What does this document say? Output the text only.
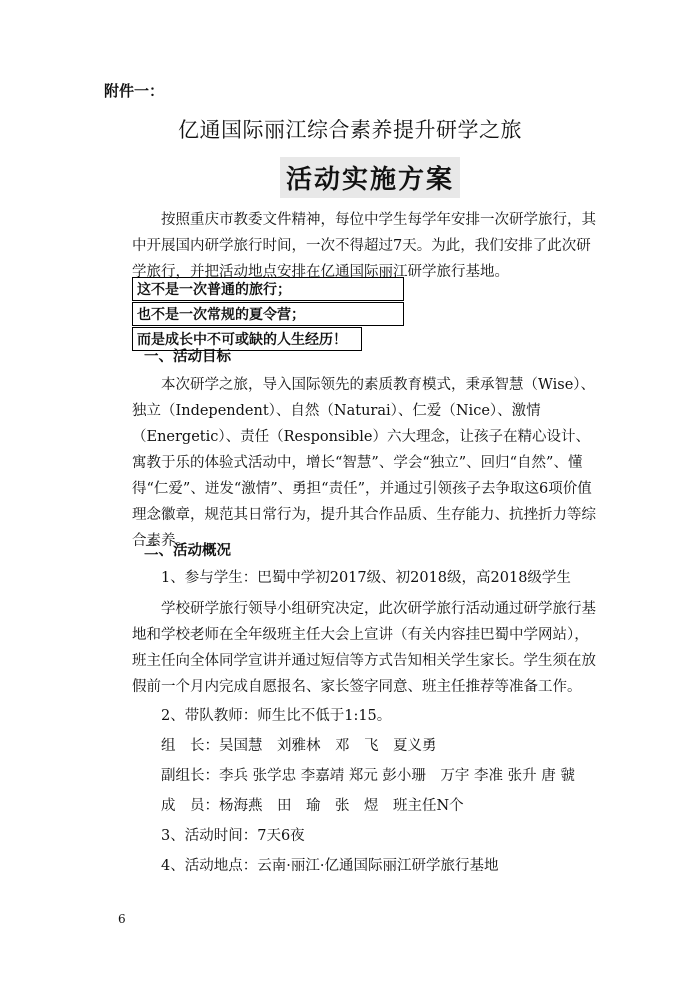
附件一：
亿通国际丽江综合素养提升研学之旅
活动实施方案
按照重庆市教委文件精神，每位中学生每学年安排一次研学旅行，其中开展国内研学旅行时间，一次不得超过7天。为此，我们安排了此次研学旅行，并把活动地点安排在亿通国际丽江研学旅行基地。
这不是一次普通的旅行；
也不是一次常规的夏令营；
而是成长中不可或缺的人生经历！
一、活动目标
本次研学之旅，导入国际领先的素质教育模式，秉承智慧（Wise）、独立（Independent）、自然（Naturai）、仁爱（Nice）、激情（Energetic）、责任（Responsible）六大理念，让孩子在精心设计、寓教于乐的体验式活动中，增长“智慧”、学会“独立”、回归“自然”、懂得“仁爱”、迸发“激情”、勇担“责任”，并通过引领孩子去争取这6项价值理念徽章，规范其日常行为，提升其合作品质、生存能力、抗挫折力等综合素养。
二、活动概况
1、参与学生：巴蜀中学初2017级、初2018级，高2018级学生
学校研学旅行领导小组研究决定，此次研学旅行活动通过研学旅行基地和学校老师在全年级班主任大会上宣讲（有关内容挂巴蜀中学网站），班主任向全体同学宣讲并通过短信等方式告知相关学生家长。学生须在放假前一个月内完成自愿报名、家长签字同意、班主任推荐等准备工作。
2、带队教师：师生比不低于1:15。
组　长：吴国慧　刘雅林　邓　飞　夏义勇
副组长：李兵 张学忠 李嘉靖 郑元 彭小珊　万宇 李准 张升 唐 虢
成　员：杨海燕　田　瑜　张　煜　班主任N个
3、活动时间：7天6夜
4、活动地点：云南·丽江·亿通国际丽江研学旅行基地
6
